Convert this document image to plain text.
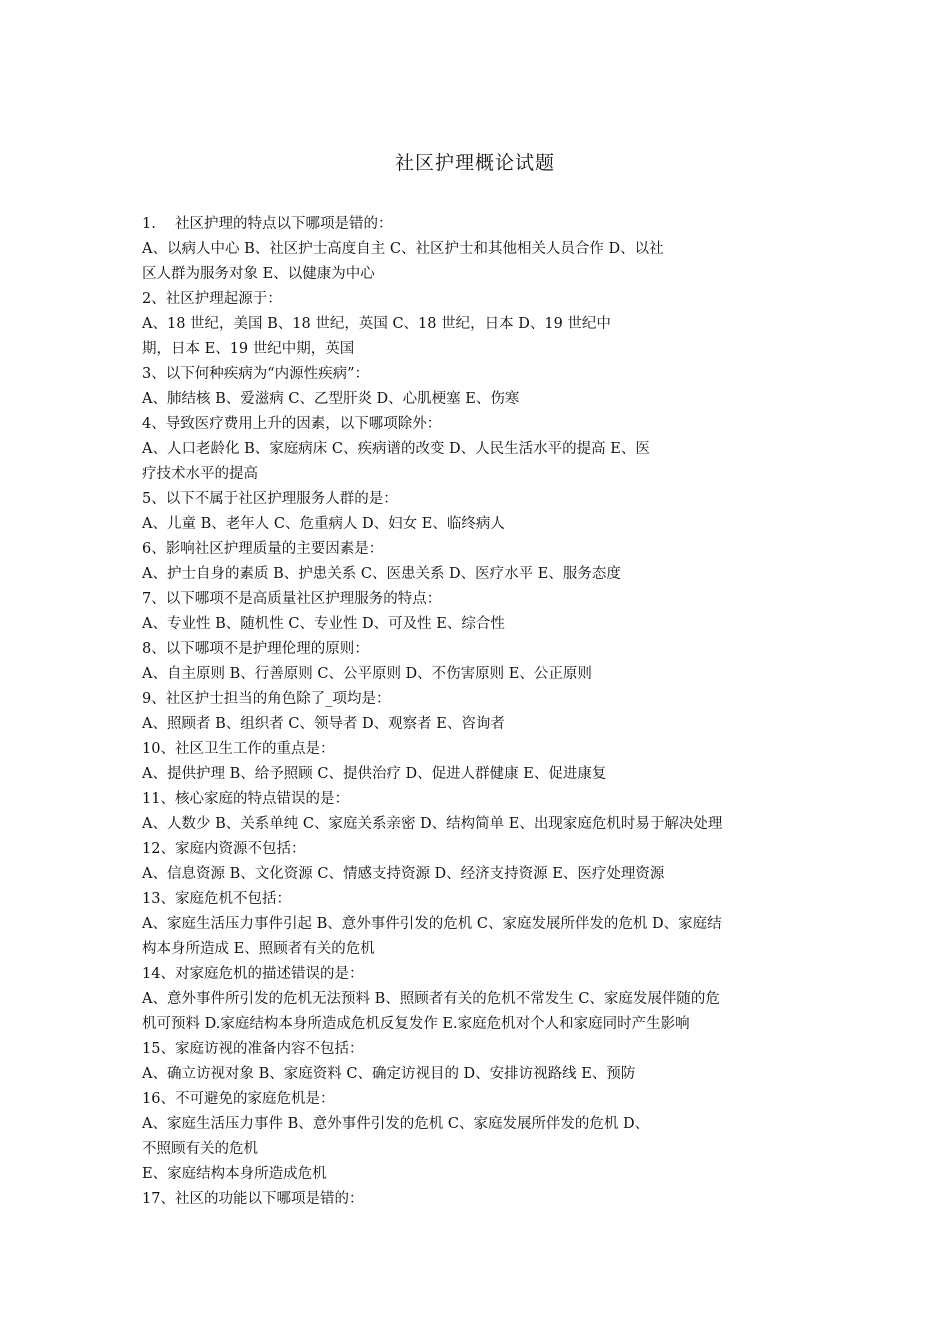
社区护理概论试题
1.　 社区护理的特点以下哪项是错的：
A、以病人中心 B、社区护士高度自主 C、社区护士和其他相关人员合作 D、以社
区人群为服务对象 E、以健康为中心
2、社区护理起源于：
A、18 世纪，美国 B、18 世纪，英国 C、18 世纪，日本 D、19 世纪中
期，日本 E、19 世纪中期，英国
3、以下何种疾病为“内源性疾病”：
A、肺结核 B、爱滋病 C、乙型肝炎 D、心肌梗塞 E、伤寒
4、导致医疗费用上升的因素，以下哪项除外：
A、人口老龄化 B、家庭病床 C、疾病谱的改变 D、人民生活水平的提高 E、医
疗技术水平的提高
5、以下不属于社区护理服务人群的是：
A、儿童 B、老年人 C、危重病人 D、妇女 E、临终病人
6、影响社区护理质量的主要因素是：
A、护士自身的素质 B、护患关系 C、医患关系 D、医疗水平 E、服务态度
7、以下哪项不是高质量社区护理服务的特点：
A、专业性 B、随机性 C、专业性 D、可及性 E、综合性
8、以下哪项不是护理伦理的原则：
A、自主原则 B、行善原则 C、公平原则 D、不伤害原则 E、公正原则
9、社区护士担当的角色除了_项均是：
A、照顾者 B、组织者 C、领导者 D、观察者 E、咨询者
10、社区卫生工作的重点是：
A、提供护理 B、给予照顾 C、提供治疗 D、促进人群健康 E、促进康复
11、核心家庭的特点错误的是：
A、人数少 B、关系单纯 C、家庭关系亲密 D、结构简单 E、出现家庭危机时易于解决处理
12、家庭内资源不包括：
A、信息资源 B、文化资源 C、情感支持资源 D、经济支持资源 E、医疗处理资源
13、家庭危机不包括：
A、家庭生活压力事件引起 B、意外事件引发的危机 C、家庭发展所伴发的危机 D、家庭结
构本身所造成 E、照顾者有关的危机
14、对家庭危机的描述错误的是：
A、意外事件所引发的危机无法预料 B、照顾者有关的危机不常发生 C、家庭发展伴随的危
机可预料 D.家庭结构本身所造成危机反复发作 E.家庭危机对个人和家庭同时产生影响
15、家庭访视的准备内容不包括：
A、确立访视对象 B、家庭资料 C、确定访视目的 D、安排访视路线 E、预防
16、不可避免的家庭危机是：
A、家庭生活压力事件 B、意外事件引发的危机 C、家庭发展所伴发的危机 D、
不照顾有关的危机
E、家庭结构本身所造成危机
17、社区的功能以下哪项是错的：
